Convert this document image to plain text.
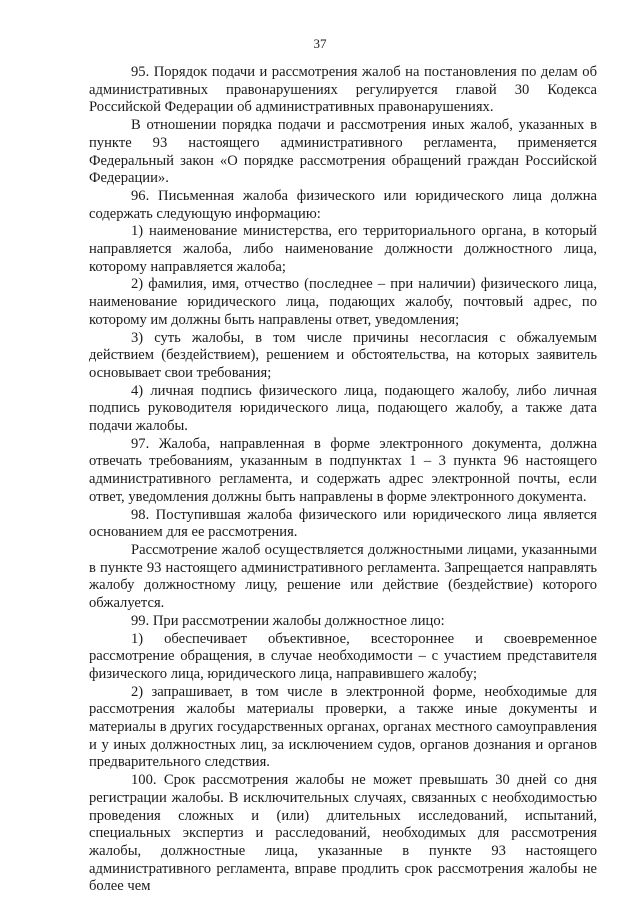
37

95. Порядок подачи и рассмотрения жалоб на постановления по делам об административных правонарушениях регулируется главой 30 Кодекса Российской Федерации об административных правонарушениях.

В отношении порядка подачи и рассмотрения иных жалоб, указанных в пункте 93 настоящего административного регламента, применяется Федеральный закон «О порядке рассмотрения обращений граждан Российской Федерации».

96. Письменная жалоба физического или юридического лица должна содержать следующую информацию:

1) наименование министерства, его территориального органа, в который направляется жалоба, либо наименование должности должностного лица, которому направляется жалоба;

2) фамилия, имя, отчество (последнее – при наличии) физического лица, наименование юридического лица, подающих жалобу, почтовый адрес, по которому им должны быть направлены ответ, уведомления;

3) суть жалобы, в том числе причины несогласия с обжалуемым действием (бездействием), решением и обстоятельства, на которых заявитель основывает свои требования;

4) личная подпись физического лица, подающего жалобу, либо личная подпись руководителя юридического лица, подающего жалобу, а также дата подачи жалобы.

97. Жалоба, направленная в форме электронного документа, должна отвечать требованиям, указанным в подпунктах 1 – 3 пункта 96 настоящего административного регламента, и содержать адрес электронной почты, если ответ, уведомления должны быть направлены в форме электронного документа.

98. Поступившая жалоба физического или юридического лица является основанием для ее рассмотрения.

Рассмотрение жалоб осуществляется должностными лицами, указанными в пункте 93 настоящего административного регламента. Запрещается направлять жалобу должностному лицу, решение или действие (бездействие) которого обжалуется.

99. При рассмотрении жалобы должностное лицо:

1) обеспечивает объективное, всестороннее и своевременное рассмотрение обращения, в случае необходимости – с участием представителя физического лица, юридического лица, направившего жалобу;

2) запрашивает, в том числе в электронной форме, необходимые для рассмотрения жалобы материалы проверки, а также иные документы и материалы в других государственных органах, органах местного самоуправления и у иных должностных лиц, за исключением судов, органов дознания и органов предварительного следствия.

100. Срок рассмотрения жалобы не может превышать 30 дней со дня регистрации жалобы. В исключительных случаях, связанных с необходимостью проведения сложных и (или) длительных исследований, испытаний, специальных экспертиз и расследований, необходимых для рассмотрения жалобы, должностные лица, указанные в пункте 93 настоящего административного регламента, вправе продлить срок рассмотрения жалобы не более чем
